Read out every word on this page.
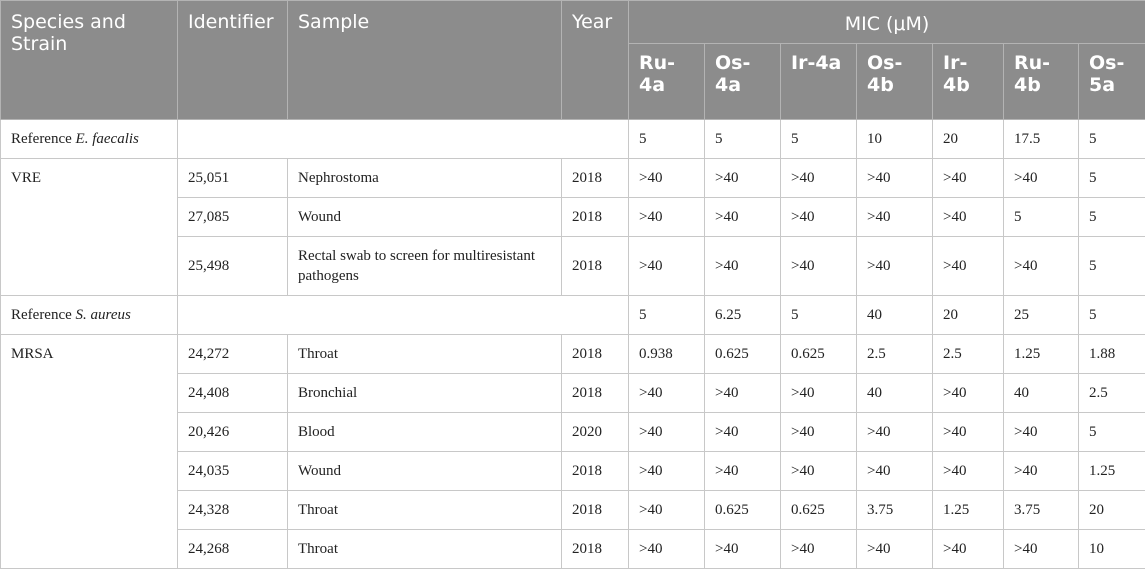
Species and Strain	Identifier	Sample	Year	MIC (μM)						
				Ru-4a	Os-4a	Ir-4a	Os-4b	Ir-4b	Ru-4b	Os-5a
Reference E. faecalis				5	5	5	10	20	17.5	5
VRE	25,051	Nephrostoma	2018	>40	>40	>40	>40	>40	>40	5
	27,085	Wound	2018	>40	>40	>40	>40	>40	5	5
	25,498	Rectal swab to screen for multiresistant pathogens	2018	>40	>40	>40	>40	>40	>40	5
Reference S. aureus				5	6.25	5	40	20	25	5
MRSA	24,272	Throat	2018	0.938	0.625	0.625	2.5	2.5	1.25	1.88
	24,408	Bronchial	2018	>40	>40	>40	40	>40	40	2.5
	20,426	Blood	2020	>40	>40	>40	>40	>40	>40	5
	24,035	Wound	2018	>40	>40	>40	>40	>40	>40	1.25
	24,328	Throat	2018	>40	0.625	0.625	3.75	1.25	3.75	20
	24,268	Throat	2018	>40	>40	>40	>40	>40	>40	10
